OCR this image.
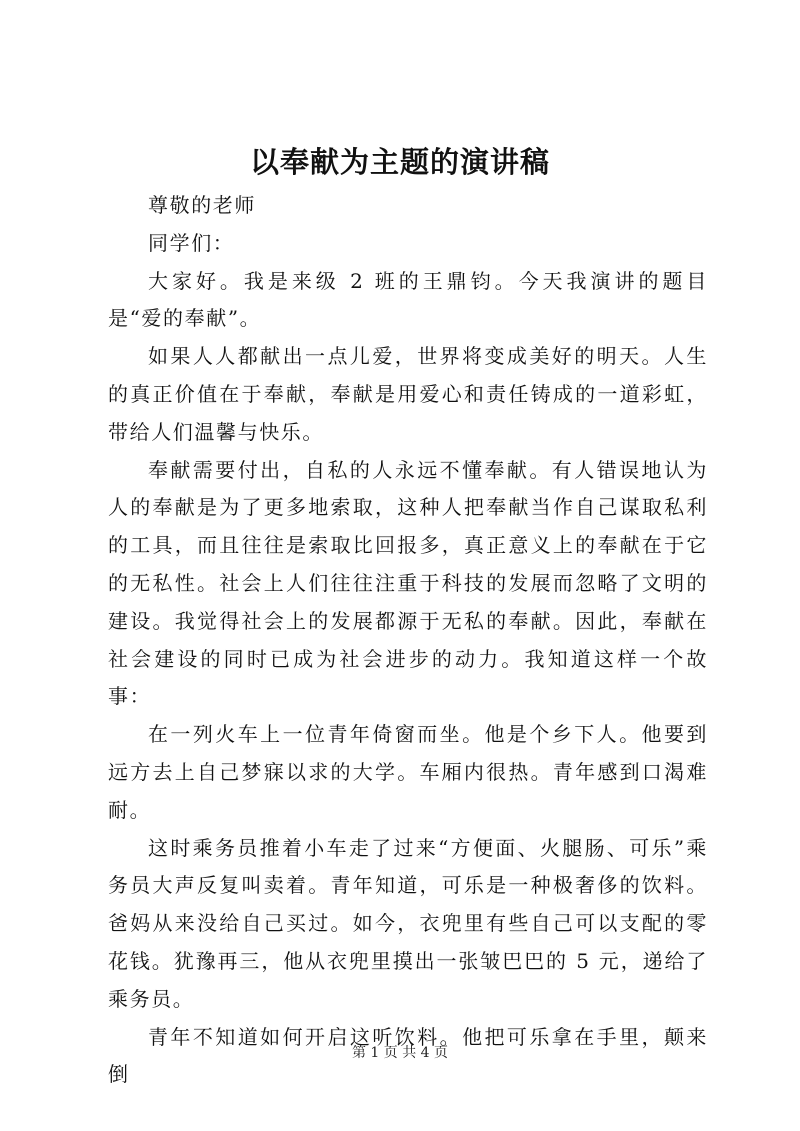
以奉献为主题的演讲稿

尊敬的老师

同学们：

大家好。我是来级 2 班的王鼎钧。今天我演讲的题目是“爱的奉献”。

如果人人都献出一点儿爱，世界将变成美好的明天。人生的真正价值在于奉献，奉献是用爱心和责任铸成的一道彩虹，带给人们温馨与快乐。

奉献需要付出，自私的人永远不懂奉献。有人错误地认为人的奉献是为了更多地索取，这种人把奉献当作自己谋取私利的工具，而且往往是索取比回报多，真正意义上的奉献在于它的无私性。社会上人们往往注重于科技的发展而忽略了文明的建设。我觉得社会上的发展都源于无私的奉献。因此，奉献在社会建设的同时已成为社会进步的动力。我知道这样一个故事：

在一列火车上一位青年倚窗而坐。他是个乡下人。他要到远方去上自己梦寐以求的大学。车厢内很热。青年感到口渴难耐。

这时乘务员推着小车走了过来“方便面、火腿肠、可乐”乘务员大声反复叫卖着。青年知道，可乐是一种极奢侈的饮料。爸妈从来没给自己买过。如今，衣兜里有些自己可以支配的零花钱。犹豫再三，他从衣兜里摸出一张皱巴巴的 5 元，递给了乘务员。

青年不知道如何开启这听饮料。他把可乐拿在手里，颠来倒

第 1 页 共 4 页
